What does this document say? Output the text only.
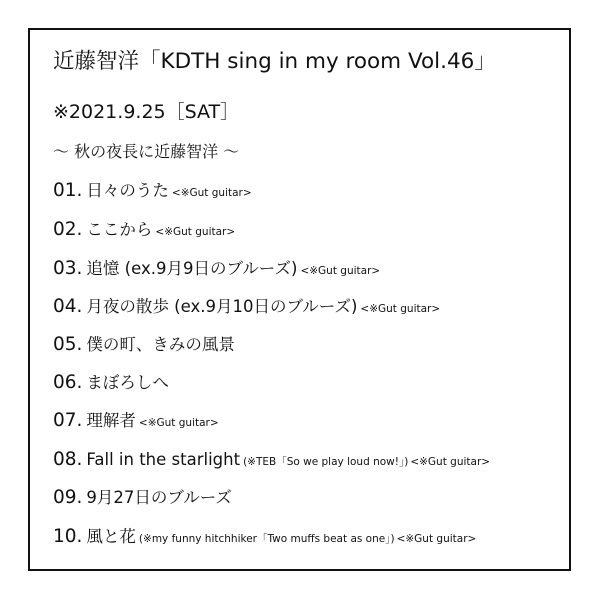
近藤智洋「KDTH sing in my room Vol.46」
※2021.9.25［SAT］
〜 秋の夜長に近藤智洋 〜
01. 日々のうた <※Gut guitar>
02. ここから <※Gut guitar>
03. 追憶 (ex.9月9日のブルーズ) <※Gut guitar>
04. 月夜の散歩 (ex.9月10日のブルーズ) <※Gut guitar>
05. 僕の町、きみの風景
06. まぼろしへ
07. 理解者 <※Gut guitar>
08. Fall in the starlight (※TEB「So we play loud now!」) <※Gut guitar>
09. 9月27日のブルーズ
10. 風と花 (※my funny hitchhiker「Two muffs beat as one」) <※Gut guitar>
